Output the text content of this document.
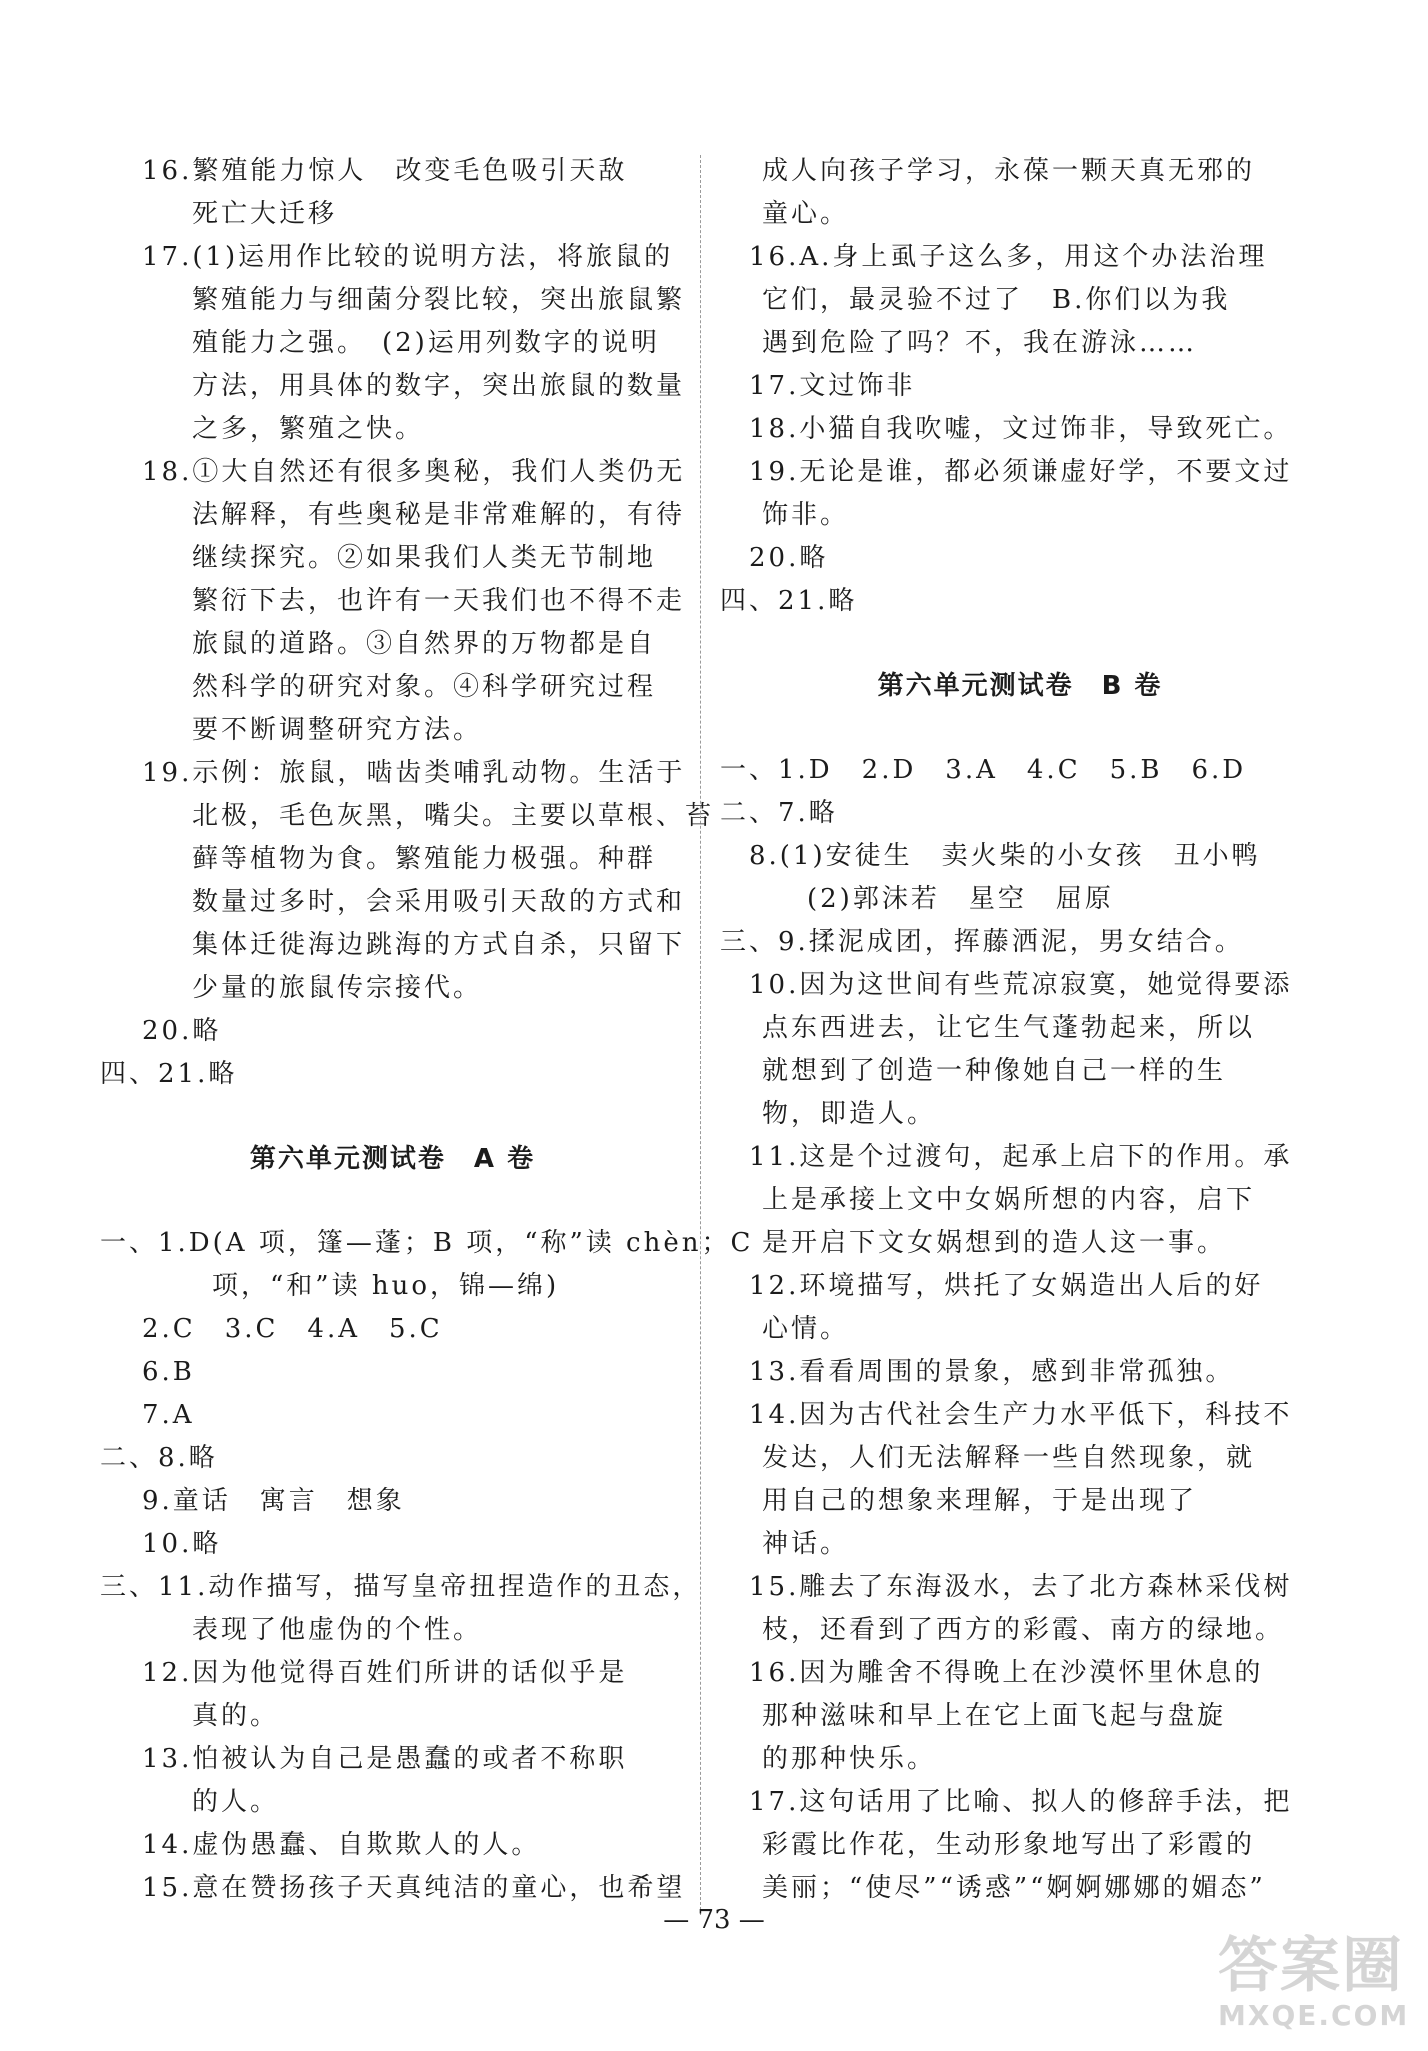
16.繁殖能力惊人　改变毛色吸引天敌
死亡大迁移
17.(1)运用作比较的说明方法，将旅鼠的
繁殖能力与细菌分裂比较，突出旅鼠繁
殖能力之强。　(2)运用列数字的说明
方法，用具体的数字，突出旅鼠的数量
之多，繁殖之快。
18.①大自然还有很多奥秘，我们人类仍无
法解释，有些奥秘是非常难解的，有待
继续探究。②如果我们人类无节制地
繁衍下去，也许有一天我们也不得不走
旅鼠的道路。③自然界的万物都是自
然科学的研究对象。④科学研究过程
要不断调整研究方法。
19.示例：旅鼠，啮齿类哺乳动物。生活于
北极，毛色灰黑，嘴尖。主要以草根、苔
藓等植物为食。繁殖能力极强。种群
数量过多时，会采用吸引天敌的方式和
集体迁徙海边跳海的方式自杀，只留下
少量的旅鼠传宗接代。
20.略
四、21.略
第六单元测试卷　A 卷
一、1.D(A 项，篷—蓬；B 项，“称”读 chèn；C
项，“和”读 huo，锦—绵)
2.C　3.C　4.A　5.C
6.B
7.A
二、8.略
9.童话　寓言　想象
10.略
三、11.动作描写，描写皇帝扭捏造作的丑态，
表现了他虚伪的个性。
12.因为他觉得百姓们所讲的话似乎是
真的。
13.怕被认为自己是愚蠢的或者不称职
的人。
14.虚伪愚蠢、自欺欺人的人。
15.意在赞扬孩子天真纯洁的童心，也希望
成人向孩子学习，永葆一颗天真无邪的
童心。
　16.A.身上虱子这么多，用这个办法治理
它们，最灵验不过了　B.你们以为我
遇到危险了吗？不，我在游泳……
　17.文过饰非
　18.小猫自我吹嘘，文过饰非，导致死亡。
　19.无论是谁，都必须谦虚好学，不要文过
饰非。
　20.略
四、21.略
第六单元测试卷　B 卷
一、1.D　2.D　3.A　4.C　5.B　6.D
二、7.略
　8.(1)安徒生　卖火柴的小女孩　丑小鸭
　　　(2)郭沫若　星空　屈原
三、9.揉泥成团，挥藤洒泥，男女结合。
　10.因为这世间有些荒凉寂寞，她觉得要添
点东西进去，让它生气蓬勃起来，所以
就想到了创造一种像她自己一样的生
物，即造人。
　11.这是个过渡句，起承上启下的作用。承
上是承接上文中女娲所想的内容，启下
是开启下文女娲想到的造人这一事。
　12.环境描写，烘托了女娲造出人后的好
心情。
　13.看看周围的景象，感到非常孤独。
　14.因为古代社会生产力水平低下，科技不
发达，人们无法解释一些自然现象，就
用自己的想象来理解，于是出现了
神话。
　15.雕去了东海汲水，去了北方森林采伐树
枝，还看到了西方的彩霞、南方的绿地。
　16.因为雕舍不得晚上在沙漠怀里休息的
那种滋味和早上在它上面飞起与盘旋
的那种快乐。
　17.这句话用了比喻、拟人的修辞手法，把
彩霞比作花，生动形象地写出了彩霞的
美丽；“使尽”“诱惑”“婀婀娜娜的媚态”
— 73 —
答案圈
MXQE.COM
